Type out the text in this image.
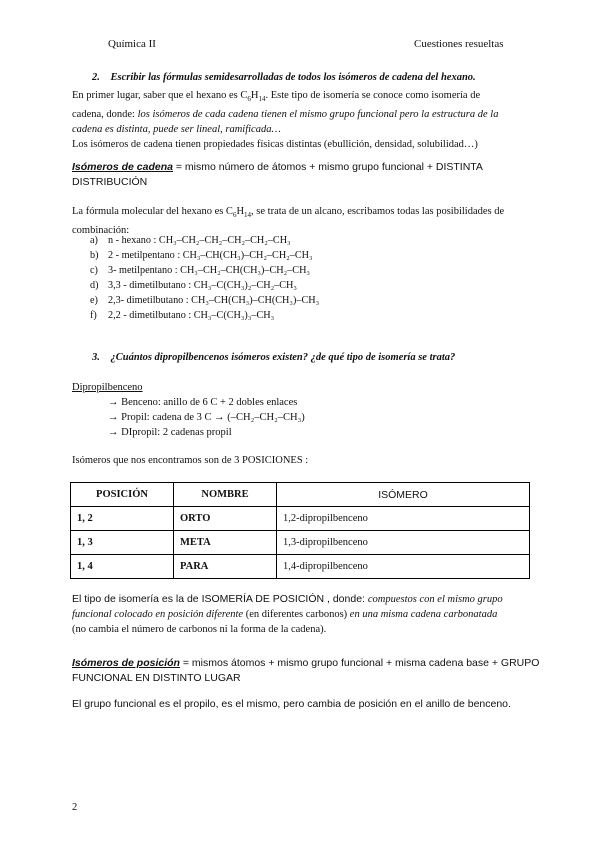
Química II	Cuestiones resueltas
2. Escribir las fórmulas semidesarrolladas de todos los isómeros de cadena del hexano.
En primer lugar, saber que el hexano es $C_6H_{14}$. Este tipo de isomería se conoce como isomería de
cadena, donde: los isómeros de cada cadena tienen el mismo grupo funcional pero la estructura de la
cadena es distinta, puede ser lineal, ramificada…
Los isómeros de cadena tienen propiedades físicas distintas (ebullición, densidad, solubilidad…)
Isómeros de cadena = mismo número de átomos + mismo grupo funcional + DISTINTA
DISTRIBUCIÓN
La fórmula molecular del hexano es $C_6H_{14}$, se trata de un alcano, escribamos todas las posibilidades de
combinación:
a) n - hexano : CH₃–CH₂–CH₂–CH₂–CH₂–CH₃
b) 2 - metilpentano : CH₃–CH(CH₃)–CH₂–CH₂–CH₃
c) 3- metilpentano : CH₃–CH₂–CH(CH₃)–CH₂–CH₃
d) 3,3 - dimetilbutano : CH₃–C(CH₃)₂–CH₂–CH₃
e) 2,3- dimetilbutano : CH₃–CH(CH₃)–CH(CH₃)–CH₃
f) 2,2 - dimetilbutano : CH₃–C(CH₃)₃–CH₃
3. ¿Cuántos dipropilbencenos isómeros existen? ¿de qué tipo de isomería se trata?
Dipropilbenceno
→ Benceno: anillo de 6 C + 2 dobles enlaces
→ Propil: cadena de 3 C → (–CH₂–CH₂–CH₃)
→ DIpropil: 2 cadenas propil
Isómeros que nos encontramos son de 3 POSICIONES :
POSICIÓN	NOMBRE	ISÓMERO
1, 2	ORTO	1,2-dipropilbenceno
1, 3	META	1,3-dipropilbenceno
1, 4	PARA	1,4-dipropilbenceno
El tipo de isomería es la de ISOMERÍA DE POSICIÓN , donde: compuestos con el mismo grupo
funcional colocado en posición diferente (en diferentes carbonos) en una misma cadena carbonatada
(no cambia el número de carbonos ni la forma de la cadena).
Isómeros de posición = mismos átomos + mismo grupo funcional + misma cadena base + GRUPO
FUNCIONAL EN DISTINTO LUGAR
El grupo funcional es el propilo, es el mismo, pero cambia de posición en el anillo de benceno.
2
